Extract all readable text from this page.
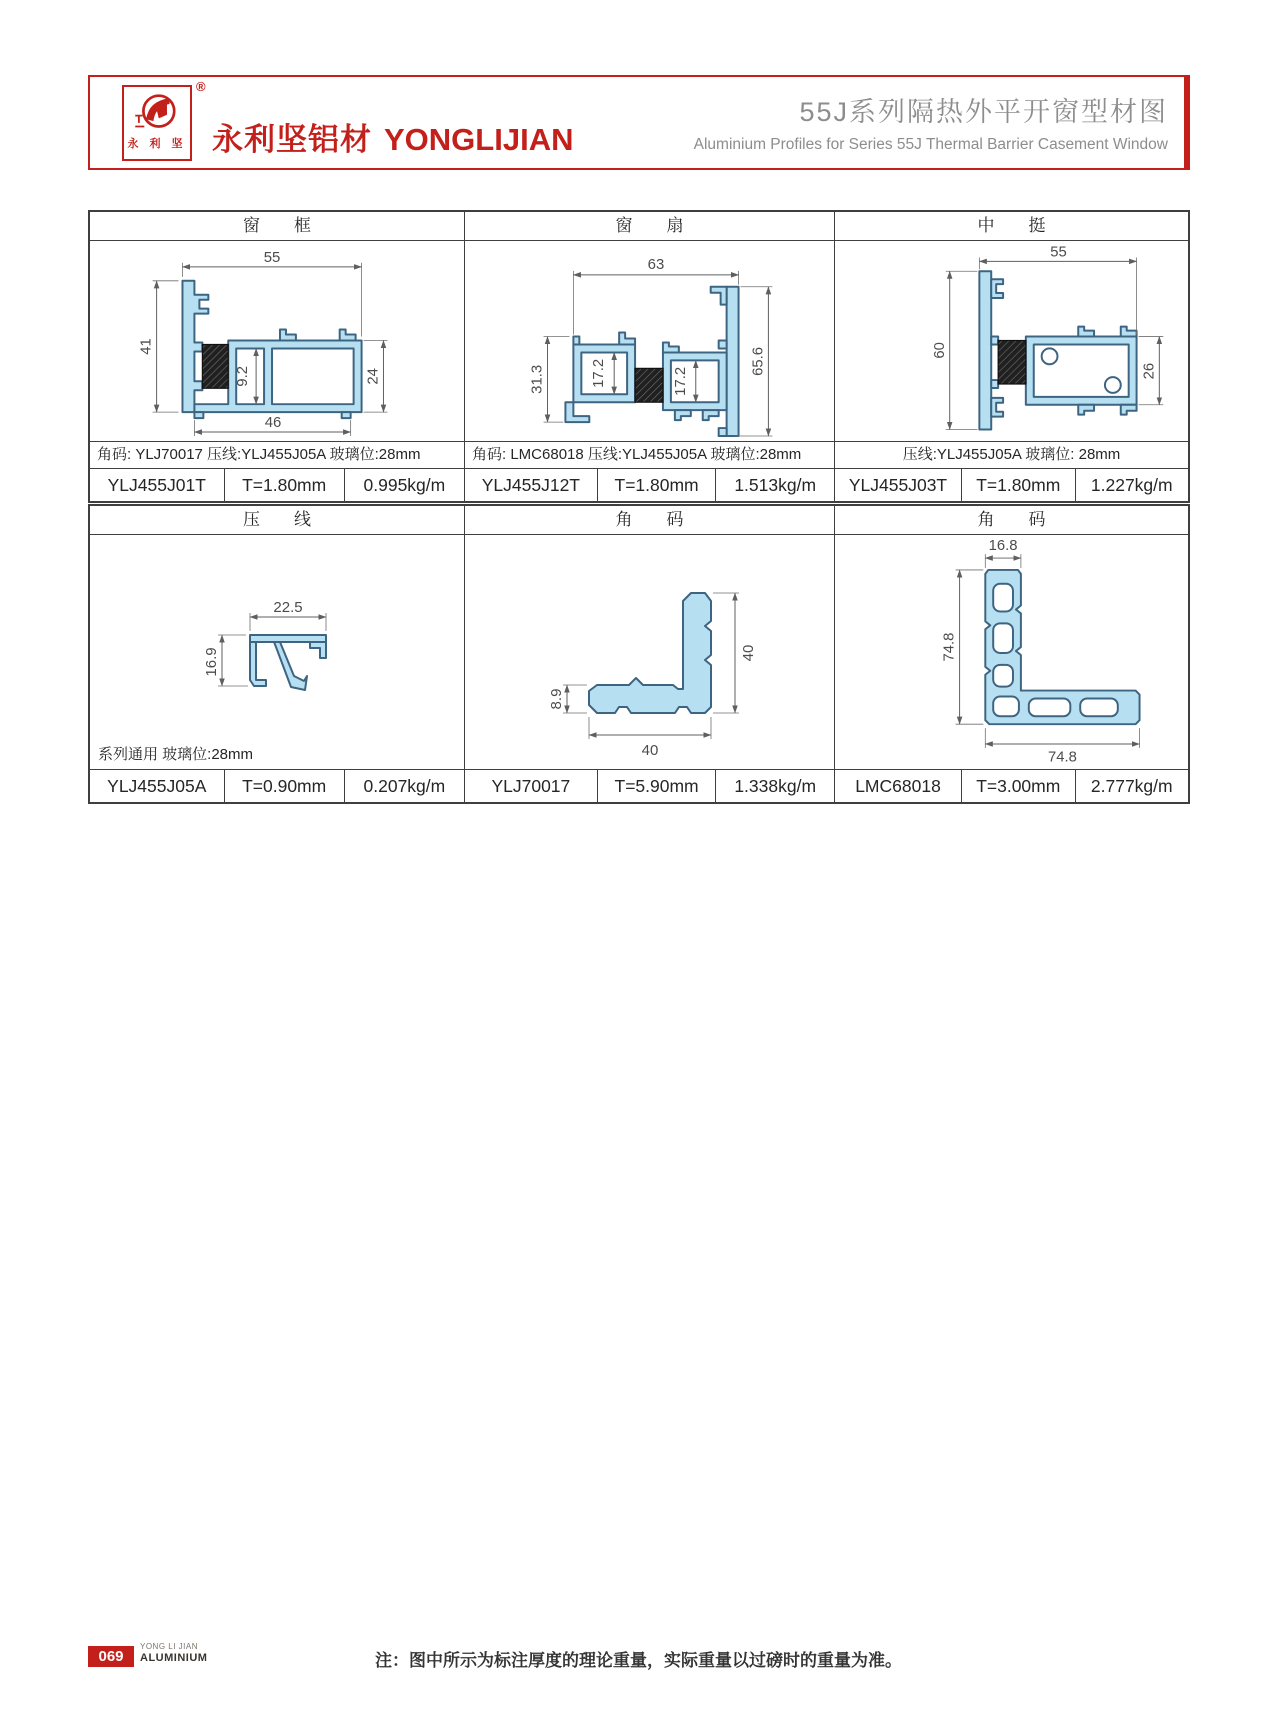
永 利 坚
®
永利坚铝材 YONGLIJIAN
55J系列隔热外平开窗型材图
Aluminium Profiles for Series 55J Thermal Barrier Casement Window
窗　　框
55
41
9.2	24
46
角码: YLJ70017 压线:YLJ455J05A 玻璃位:28mm
YLJ455J01T	T=1.80mm	0.995kg/m
窗　　扇
63
31.3	17.2	17.2
65.6
角码: LMC68018 压线:YLJ455J05A 玻璃位:28mm
YLJ455J12T	T=1.80mm	1.513kg/m
中　　挺
55
60
26
压线:YLJ455J05A 玻璃位: 28mm
YLJ455J03T	T=1.80mm	1.227kg/m
压　　线
22.5
16.9
系列通用 玻璃位:28mm
YLJ455J05A	T=0.90mm	0.207kg/m
角　　码
8.9
40
40
YLJ70017	T=5.90mm	1.338kg/m
角　　码
16.8
74.8
74.8
LMC68018	T=3.00mm	2.777kg/m
069
YONG LI JIAN
ALUMINIUM	注：图中所示为标注厚度的理论重量，实际重量以过磅时的重量为准。
